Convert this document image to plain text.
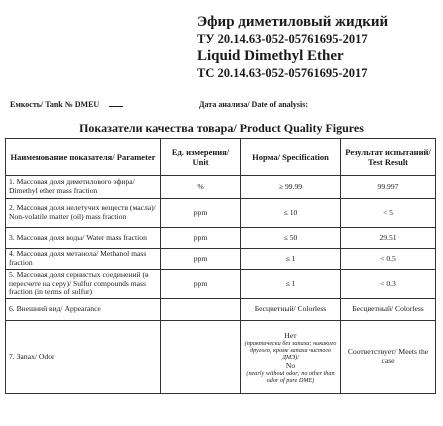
Эфир диметиловый жидкий
ТУ 20.14.63-052-05761695-2017
Liquid Dimethyl Ether
TC 20.14.63-052-05761695-2017
Емкость/ Tank № DMEU	Дата анализа/ Date of analysis:
Показатели качества товара/ Product Quality Figures
Наименование показателя/ Parameter	Ед. измерения/ Unit	Норма/ Specification	Результат испытаний/ Test Result
1. Массовая доля диметилового эфира/ Dimethyl ether mass fraction	%	≥ 99.99	99.997
2. Массовая доля нелетучих веществ (масла)/ Non-volatile matter (oil) mass fraction	ppm	≤ 10	< 5
3. Массовая доля воды/ Water mass fraction	ppm	≤ 50	29.51
4. Массовая доля метанола/ Methanol mass fraction	ppm	≤ 1	< 0.5
5. Массовая доля сернистых соединений (в пересчете на серу)/ Sulfur compounds mass fraction (in terms of sulfur)	ppm	≤ 1	< 0.3
6. Внешний вид/ Appearance		Бесцветный/ Colorless	Бесцветный/ Colorless
7. Запах/ Odor		Нет
(практически без запаха; никакого другого, кроме запаха чистого ДМЭ)/
No
(nearly without odor; no other than odor of pure DME)	Соответствует/ Meets the case
